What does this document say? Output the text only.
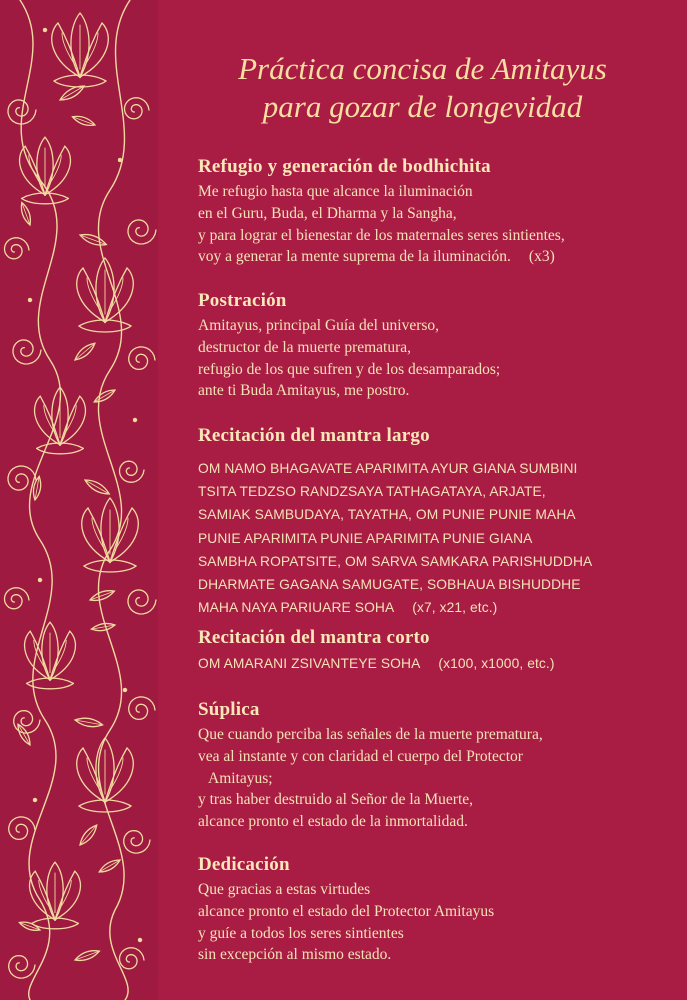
Práctica concisa de Amitayus
para gozar de longevidad
Refugio y generación de bodhichita
Me refugio hasta que alcance la iluminación
en el Guru, Buda, el Dharma y la Sangha,
y para lograr el bienestar de los maternales seres sintientes,
voy a generar la mente suprema de la iluminación. (x3)
Postración
Amitayus, principal Guía del universo,
destructor de la muerte prematura,
refugio de los que sufren y de los desamparados;
ante ti Buda Amitayus, me postro.
Recitación del mantra largo
OM NAMO BHAGAVATE APARIMITA AYUR GIANA SUMBINI
TSITA TEDZSO RANDZSAYA TATHAGATAYA, ARJATE,
SAMIAK SAMBUDAYA, TAYATHA, OM PUNIE PUNIE MAHA
PUNIE APARIMITA PUNIE APARIMITA PUNIE GIANA
SAMBHA ROPATSITE, OM SARVA SAMKARA PARISHUDDHA
DHARMATE GAGANA SAMUGATE, SOBHAUA BISHUDDHE
MAHA NAYA PARIUARE SOHA (x7, x21, etc.)
Recitación del mantra corto
OM AMARANI ZSIVANTEYE SOHA (x100, x1000, etc.)
Súplica
Que cuando perciba las señales de la muerte prematura,
vea al instante y con claridad el cuerpo del Protector
Amitayus;
y tras haber destruido al Señor de la Muerte,
alcance pronto el estado de la inmortalidad.
Dedicación
Que gracias a estas virtudes
alcance pronto el estado del Protector Amitayus
y guíe a todos los seres sintientes
sin excepción al mismo estado.
